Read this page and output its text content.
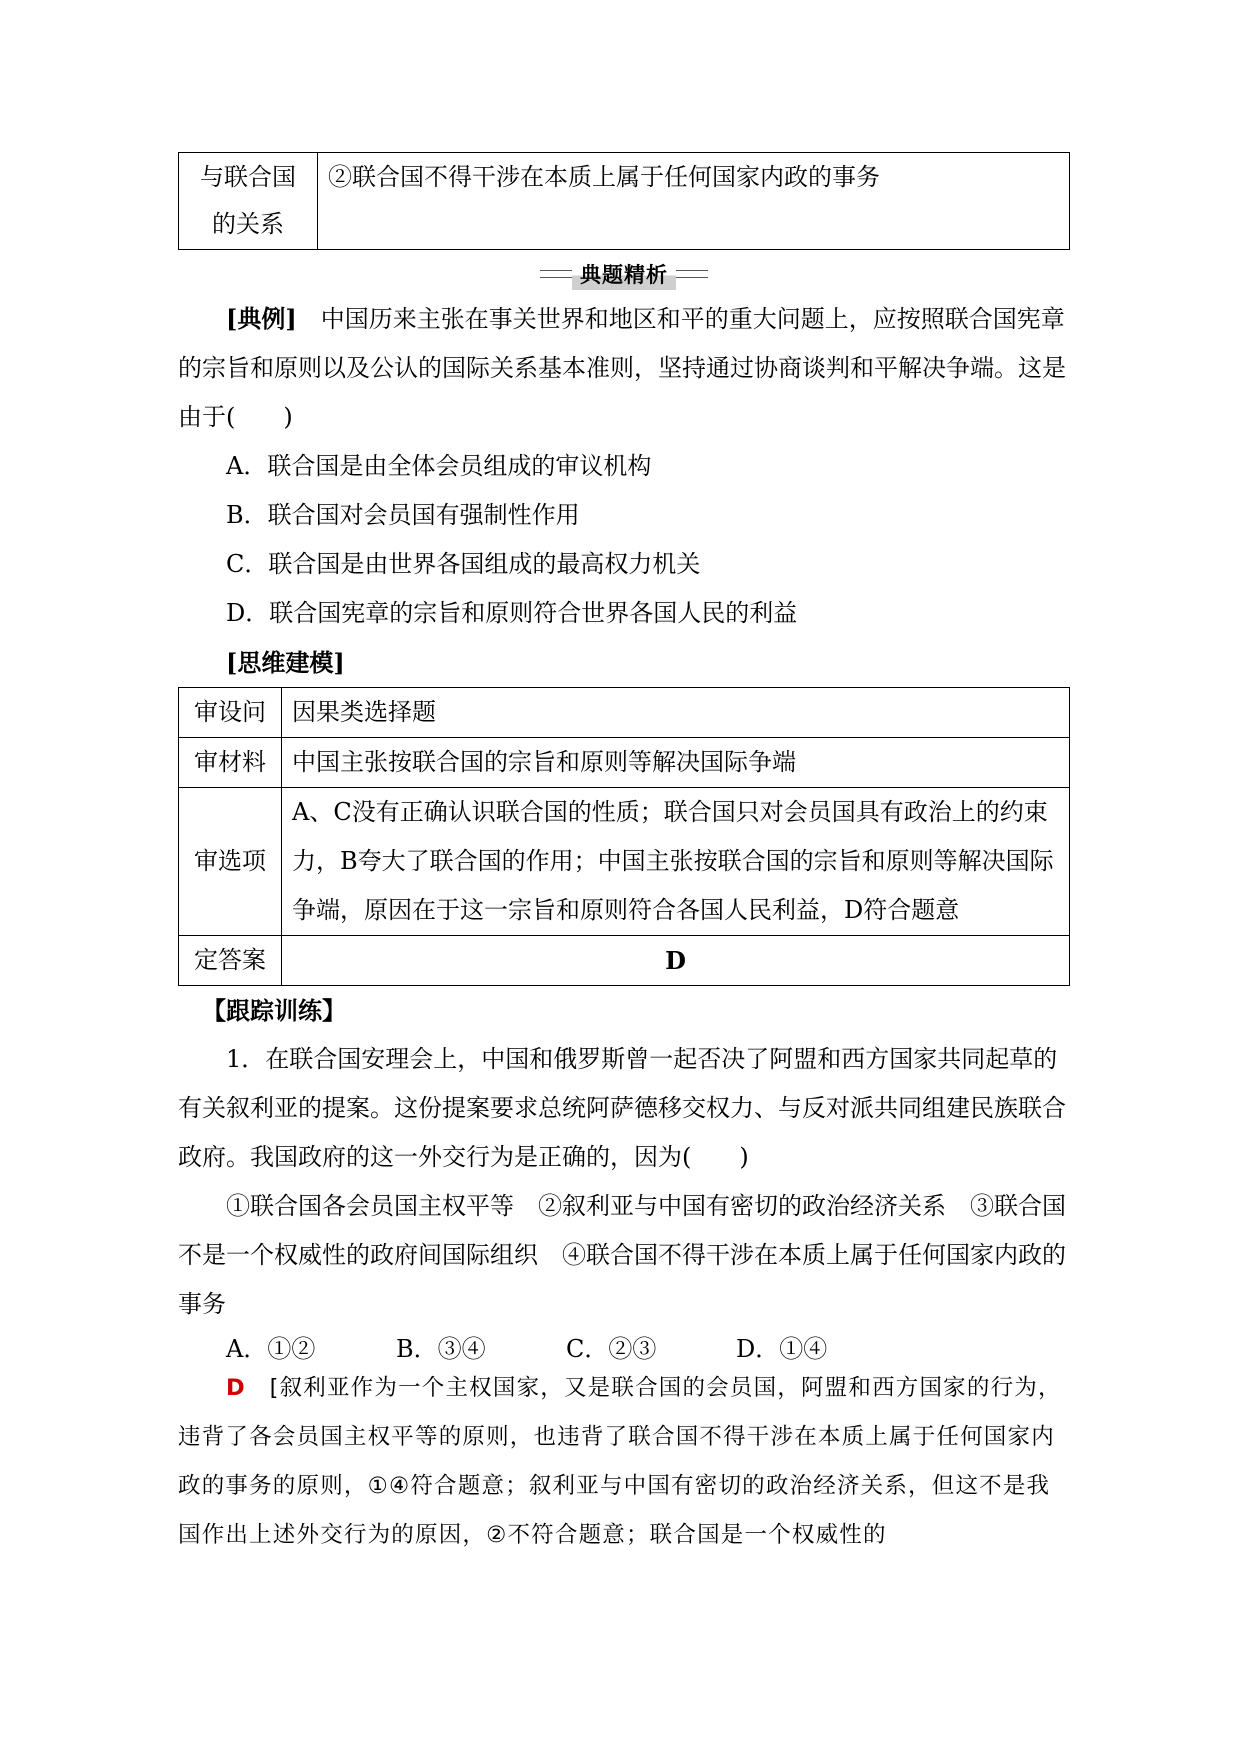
与联合国的关系	②联合国不得干涉在本质上属于任何国家内政的事务
典题精析

[典例]　 中国历来主张在事关世界和地区和平的重大问题上，应按照联合国宪章的宗旨和原则以及公认的国际关系基本准则，坚持通过协商谈判和平解决争端。这是由于(　　)

A．联合国是由全体会员组成的审议机构

B．联合国对会员国有强制性作用

C．联合国是由世界各国组成的最高权力机关

D．联合国宪章的宗旨和原则符合世界各国人民的利益

[思维建模]

审设问	因果类选择题
审材料	中国主张按联合国的宗旨和原则等解决国际争端
审选项	A、C没有正确认识联合国的性质；联合国只对会员国具有政治上的约束力，B夸大了联合国的作用；中国主张按联合国的宗旨和原则等解决国际争端，原因在于这一宗旨和原则符合各国人民利益，D符合题意
定答案	D

【跟踪训练】

1．在联合国安理会上，中国和俄罗斯曾一起否决了阿盟和西方国家共同起草的有关叙利亚的提案。这份提案要求总统阿萨德移交权力、与反对派共同组建民族联合政府。我国政府的这一外交行为是正确的，因为(　　)

①联合国各会员国主权平等　②叙利亚与中国有密切的政治经济关系　③联合国不是一个权威性的政府间国际组织　④联合国不得干涉在本质上属于任何国家内政的事务

A．①②	B．③④	C．②③	D．①④

D　 [叙利亚作为一个主权国家，又是联合国的会员国，阿盟和西方国家的行为，违背了各会员国主权平等的原则，也违背了联合国不得干涉在本质上属于任何国家内政的事务的原则，①④符合题意；叙利亚与中国有密切的政治经济关系，但这不是我国作出上述外交行为的原因，②不符合题意；联合国是一个权威性的
